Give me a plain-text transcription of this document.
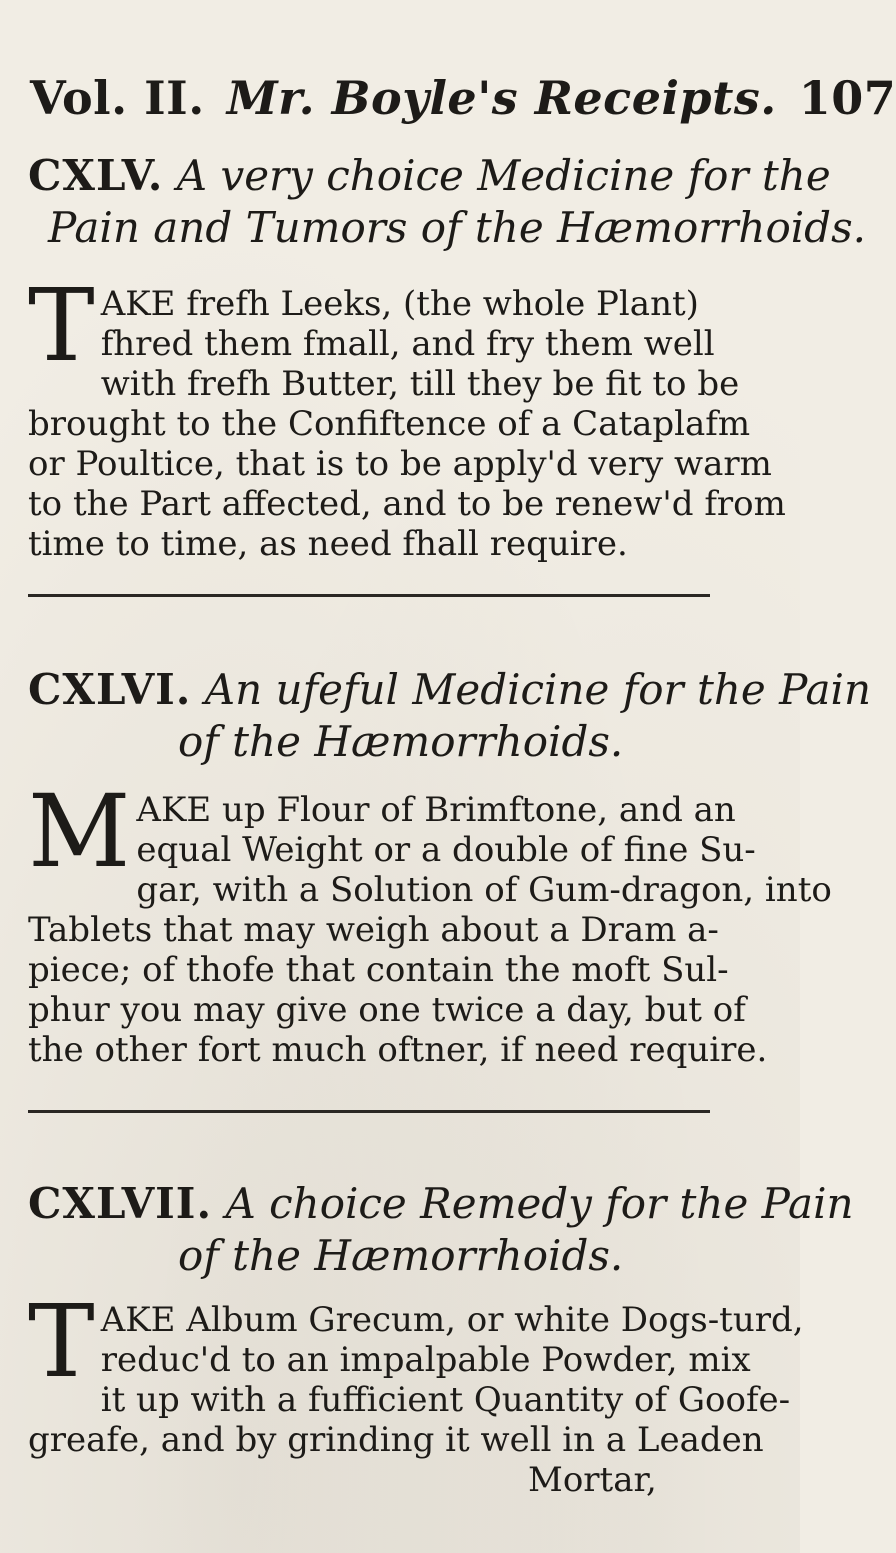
Vol. II. Mr. Boyle's Receipts. 107
CXLV. A very choice Medicine for the
Pain and Tumors of the Hæmorrhoids.
T AKE frefh Leeks, (the whole Plant)
fhred them fmall, and fry them well
with frefh Butter, till they be fit to be
brought to the Confiftence of a Cataplafm
or Poultice, that is to be apply'd very warm
to the Part affected, and to be renew'd from
time to time, as need fhall require.
CXLVI. An ufeful Medicine for the Pain
of the Hæmorrhoids.
M AKE up Flour of Brimftone, and an
equal Weight or a double of fine Su-
gar, with a Solution of Gum-dragon, into
Tablets that may weigh about a Dram a-
piece; of thofe that contain the moft Sul-
phur you may give one twice a day, but of
the other fort much oftner, if need require.
CXLVII. A choice Remedy for the Pain
of the Hæmorrhoids.
T AKE Album Grecum, or white Dogs-turd,
reduc'd to an impalpable Powder, mix
it up with a fufficient Quantity of Goofe-
greafe, and by grinding it well in a Leaden
Mortar,
